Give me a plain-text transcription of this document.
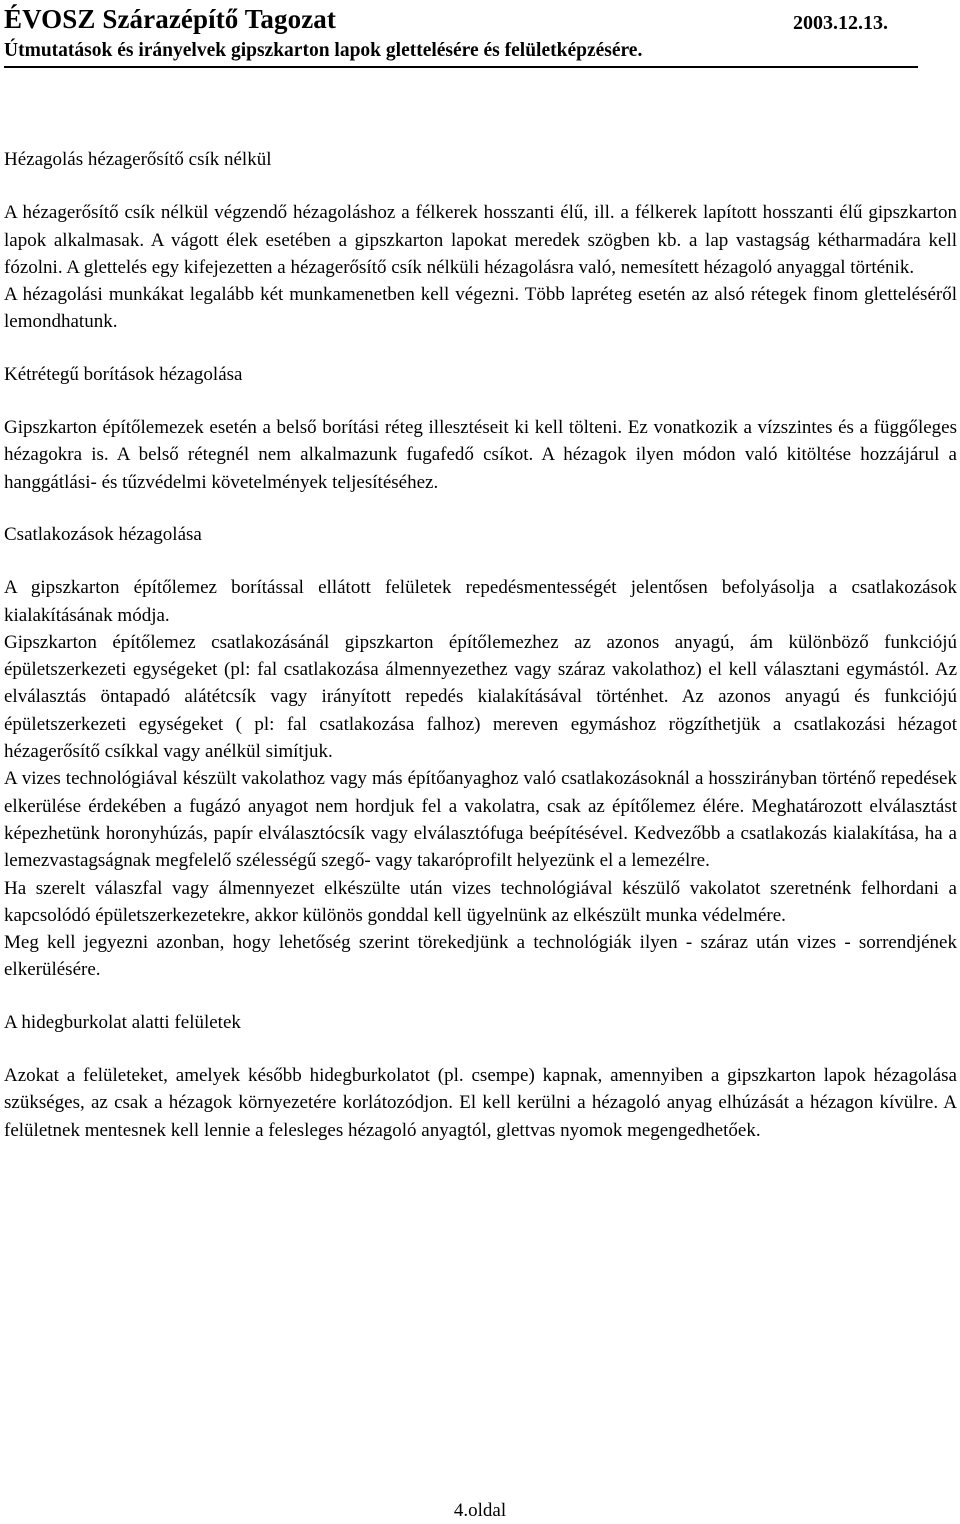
ÉVOSZ Szárazépítő Tagozat	2003.12.13.
Útmutatások és irányelvek gipszkarton lapok glettelésére és felületképzésére.

Hézagolás hézagerősítő csík nélkül

A hézagerősítő csík nélkül végzendő hézagoláshoz a félkerek hosszanti élű, ill. a félkerek lapított hosszanti élű gipszkarton lapok alkalmasak. A vágott élek esetében a gipszkarton lapokat meredek szögben kb. a lap vastagság kétharmadára kell fózolni. A glettelés egy kifejezetten a hézagerősítő csík nélküli hézagolásra való, nemesített hézagoló anyaggal történik.

A hézagolási munkákat legalább két munkamenetben kell végezni. Több lapréteg esetén az alsó rétegek finom gletteléséről lemondhatunk.

Kétrétegű borítások hézagolása

Gipszkarton építőlemezek esetén a belső borítási réteg illesztéseit ki kell tölteni. Ez vonatkozik a vízszintes és a függőleges hézagokra is. A belső rétegnél nem alkalmazunk fugafedő csíkot. A hézagok ilyen módon való kitöltése hozzájárul a hanggátlási- és tűzvédelmi követelmények teljesítéséhez.

Csatlakozások hézagolása

A gipszkarton építőlemez borítással ellátott felületek repedésmentességét jelentősen befolyásolja a csatlakozások kialakításának módja.

Gipszkarton építőlemez csatlakozásánál gipszkarton építőlemezhez az azonos anyagú, ám különböző funkciójú épületszerkezeti egységeket (pl: fal csatlakozása álmennyezethez vagy száraz vakolathoz) el kell választani egymástól. Az elválasztás öntapadó alátétcsík vagy irányított repedés kialakításával történhet. Az azonos anyagú és funkciójú épületszerkezeti egységeket ( pl: fal csatlakozása falhoz) mereven egymáshoz rögzíthetjük a csatlakozási hézagot hézagerősítő csíkkal vagy anélkül simítjuk.

A vizes technológiával készült vakolathoz vagy más építőanyaghoz való csatlakozásoknál a hosszirányban történő repedések elkerülése érdekében a fugázó anyagot nem hordjuk fel a vakolatra, csak az építőlemez élére. Meghatározott elválasztást képezhetünk horonyhúzás, papír elválasztócsík vagy elválasztófuga beépítésével. Kedvezőbb a csatlakozás kialakítása, ha a lemezvastagságnak megfelelő szélességű szegő- vagy takaróprofilt helyezünk el a lemezélre.

Ha szerelt válaszfal vagy álmennyezet elkészülte után vizes technológiával készülő vakolatot szeretnénk felhordani a kapcsolódó épületszerkezetekre, akkor különös gonddal kell ügyelnünk az elkészült munka védelmére.

Meg kell jegyezni azonban, hogy lehetőség szerint törekedjünk a technológiák ilyen - száraz után vizes - sorrendjének elkerülésére.

A hidegburkolat alatti felületek

Azokat a felületeket, amelyek később hidegburkolatot (pl. csempe) kapnak, amennyiben a gipszkarton lapok hézagolása szükséges, az csak a hézagok környezetére korlátozódjon. El kell kerülni a hézagoló anyag elhúzását a hézagon kívülre. A felületnek mentesnek kell lennie a felesleges hézagoló anyagtól, glettvas nyomok megengedhetőek.

4.oldal
